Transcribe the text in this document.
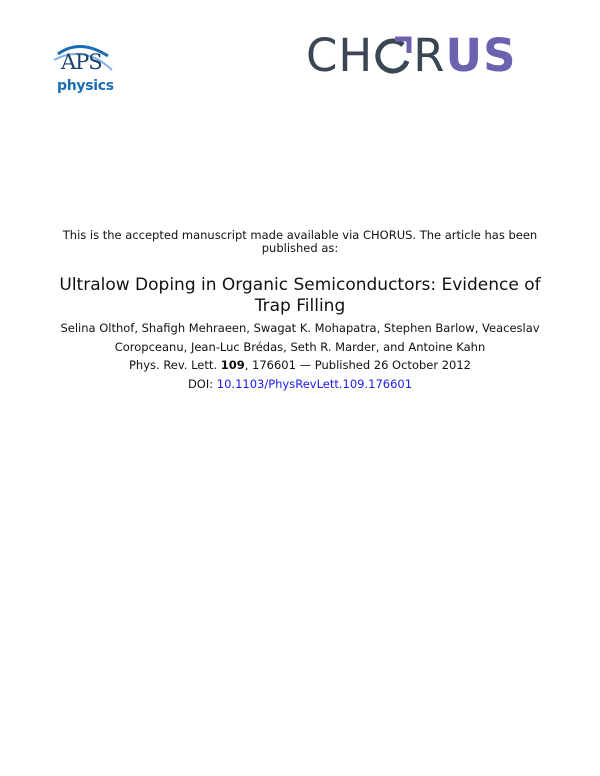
APS
physics
CH RUS
This is the accepted manuscript made available via CHORUS. The article has been published as:
Ultralow Doping in Organic Semiconductors: Evidence of Trap Filling
Selina Olthof, Shafigh Mehraeen, Swagat K. Mohapatra, Stephen Barlow, Veaceslav Coropceanu, Jean-Luc Brédas, Seth R. Marder, and Antoine Kahn
Phys. Rev. Lett. 109, 176601 — Published 26 October 2012
DOI: 10.1103/PhysRevLett.109.176601
